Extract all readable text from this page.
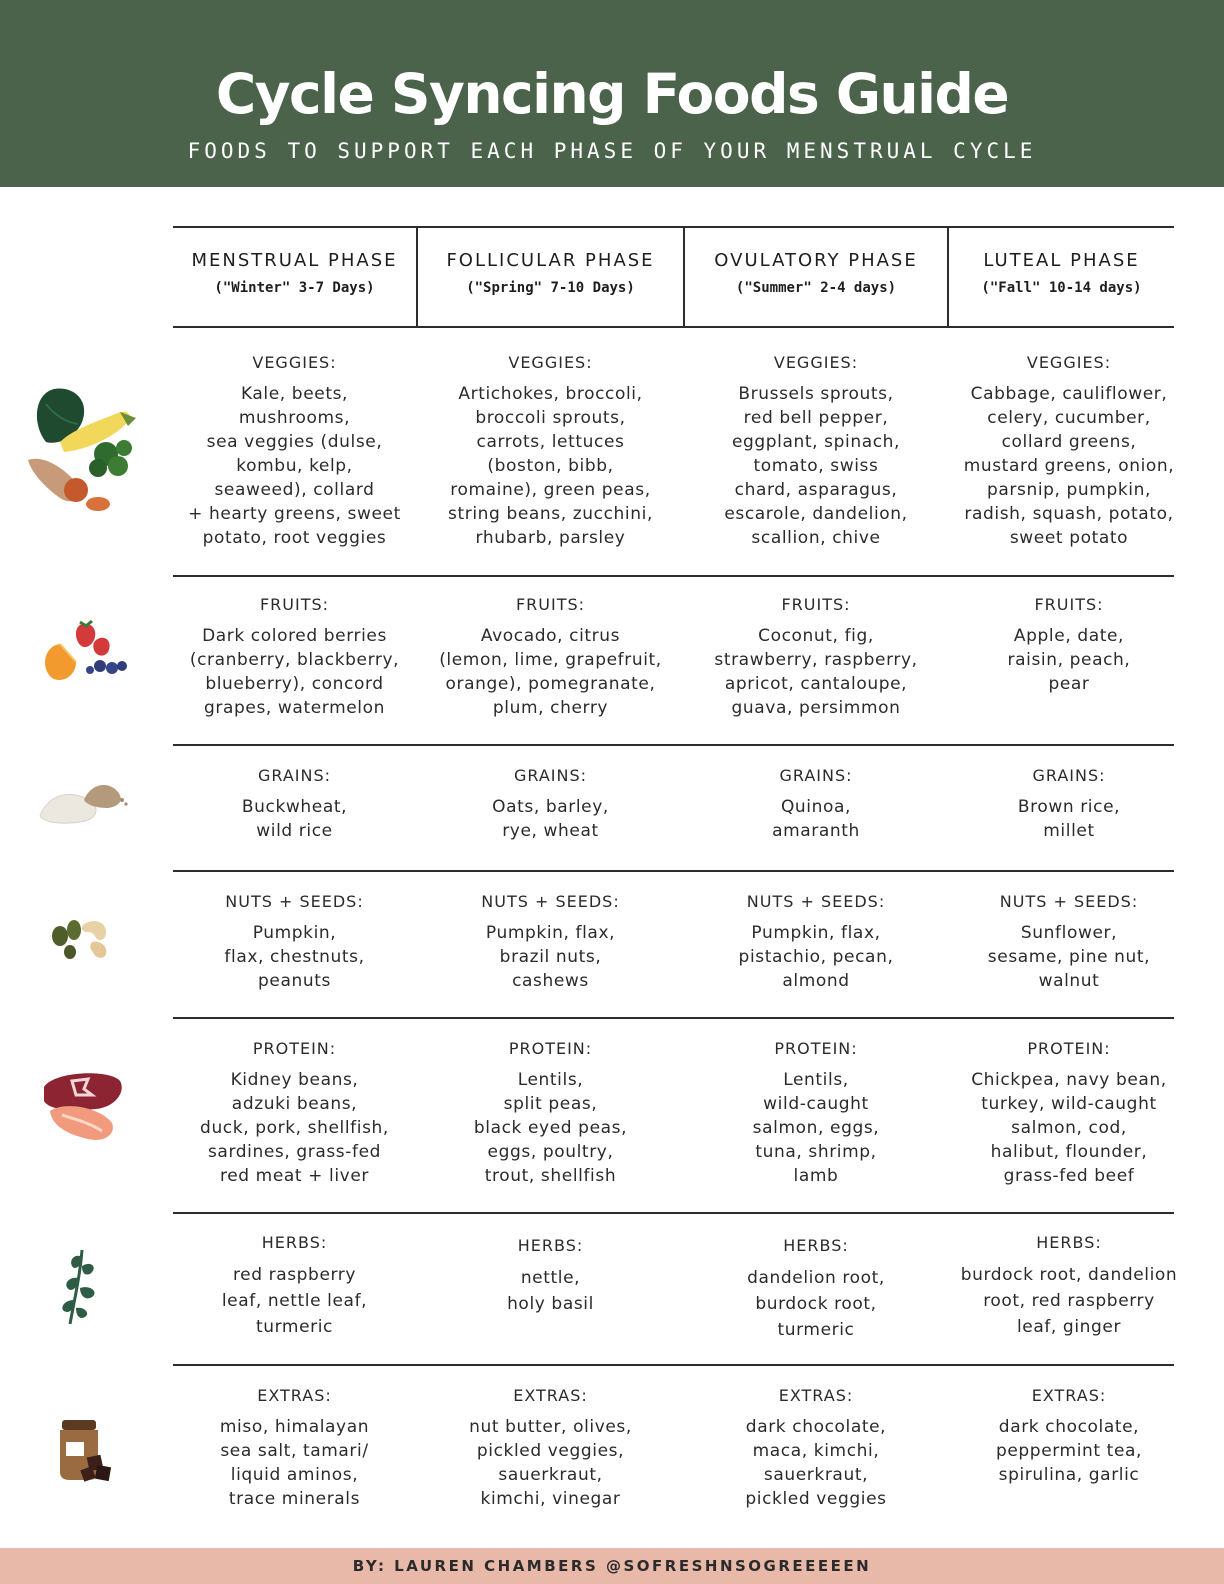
Cycle Syncing Foods Guide
FOODS TO SUPPORT EACH PHASE OF YOUR MENSTRUAL CYCLE
MENSTRUAL PHASE
("Winter" 3-7 Days)
FOLLICULAR PHASE
("Spring" 7-10 Days)
OVULATORY PHASE
("Summer" 2-4 days)
LUTEAL PHASE
("Fall" 10-14 days)
VEGGIES:
Kale, beets,
mushrooms,
sea veggies (dulse,
kombu, kelp,
seaweed), collard
+ hearty greens, sweet
potato, root veggies
VEGGIES:
Artichokes, broccoli,
broccoli sprouts,
carrots, lettuces
(boston, bibb,
romaine), green peas,
string beans, zucchini,
rhubarb, parsley
VEGGIES:
Brussels sprouts,
red bell pepper,
eggplant, spinach,
tomato, swiss
chard, asparagus,
escarole, dandelion,
scallion, chive
VEGGIES:
Cabbage, cauliflower,
celery, cucumber,
collard greens,
mustard greens, onion,
parsnip, pumpkin,
radish, squash, potato,
sweet potato
FRUITS:
Dark colored berries
(cranberry, blackberry,
blueberry), concord
grapes, watermelon
FRUITS:
Avocado, citrus
(lemon, lime, grapefruit,
orange), pomegranate,
plum, cherry
FRUITS:
Coconut, fig,
strawberry, raspberry,
apricot, cantaloupe,
guava, persimmon
FRUITS:
Apple, date,
raisin, peach,
pear
GRAINS:
Buckwheat,
wild rice
GRAINS:
Oats, barley,
rye, wheat
GRAINS:
Quinoa,
amaranth
GRAINS:
Brown rice,
millet
NUTS + SEEDS:
Pumpkin,
flax, chestnuts,
peanuts
NUTS + SEEDS:
Pumpkin, flax,
brazil nuts,
cashews
NUTS + SEEDS:
Pumpkin, flax,
pistachio, pecan,
almond
NUTS + SEEDS:
Sunflower,
sesame, pine nut,
walnut
PROTEIN:
Kidney beans,
adzuki beans,
duck, pork, shellfish,
sardines, grass-fed
red meat + liver
PROTEIN:
Lentils,
split peas,
black eyed peas,
eggs, poultry,
trout, shellfish
PROTEIN:
Lentils,
wild-caught
salmon, eggs,
tuna, shrimp,
lamb
PROTEIN:
Chickpea, navy bean,
turkey, wild-caught
salmon, cod,
halibut, flounder,
grass-fed beef
HERBS:
red raspberry
leaf, nettle leaf,
turmeric
HERBS:
nettle,
holy basil
HERBS:
dandelion root,
burdock root,
turmeric
HERBS:
burdock root, dandelion
root, red raspberry
leaf, ginger
EXTRAS:
miso, himalayan
sea salt, tamari/
liquid aminos,
trace minerals
EXTRAS:
nut butter, olives,
pickled veggies,
sauerkraut,
kimchi, vinegar
EXTRAS:
dark chocolate,
maca, kimchi,
sauerkraut,
pickled veggies
EXTRAS:
dark chocolate,
peppermint tea,
spirulina, garlic
BY: LAUREN CHAMBERS @SOFRESHNSOGREEEEEN
